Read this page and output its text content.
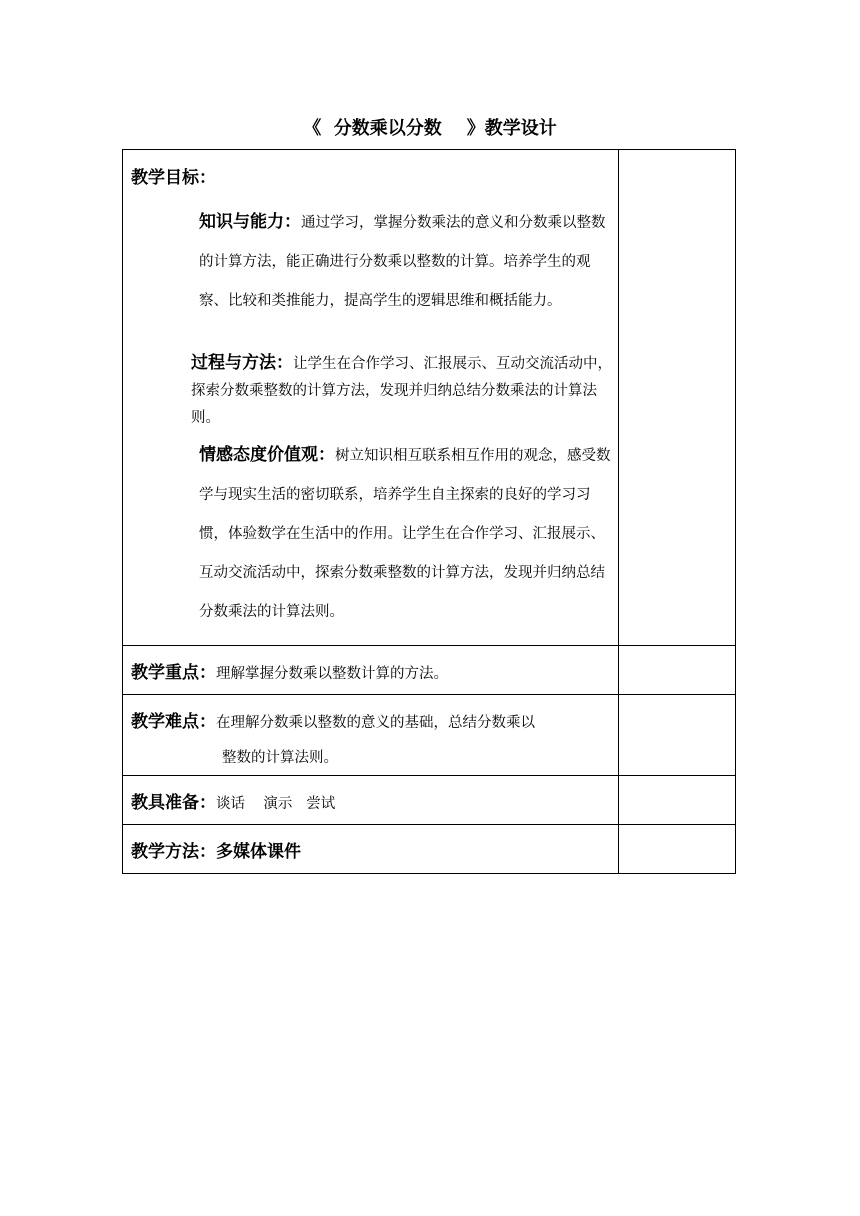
《  分数乘以分数    》教学设计
教学目标：
知识与能力：通过学习，掌握分数乘法的意义和分数乘以整数的计算方法，能正确进行分数乘以整数的计算。培养学生的观察、比较和类推能力，提高学生的逻辑思维和概括能力。
过程与方法：让学生在合作学习、汇报展示、互动交流活动中，探索分数乘整数的计算方法，发现并归纳总结分数乘法的计算法则。
情感态度价值观：树立知识相互联系相互作用的观念，感受数学与现实生活的密切联系，培养学生自主探索的良好的学习习惯，体验数学在生活中的作用。让学生在合作学习、汇报展示、互动交流活动中，探索分数乘整数的计算方法，发现并归纳总结分数乘法的计算法则。	

教学重点：理解掌握分数乘以整数计算的方法。	

教学难点：在理解分数乘以整数的意义的基础，总结分数乘以
整数的计算法则。	

教具准备：谈话    演示   尝试	

教学方法：多媒体课件	
